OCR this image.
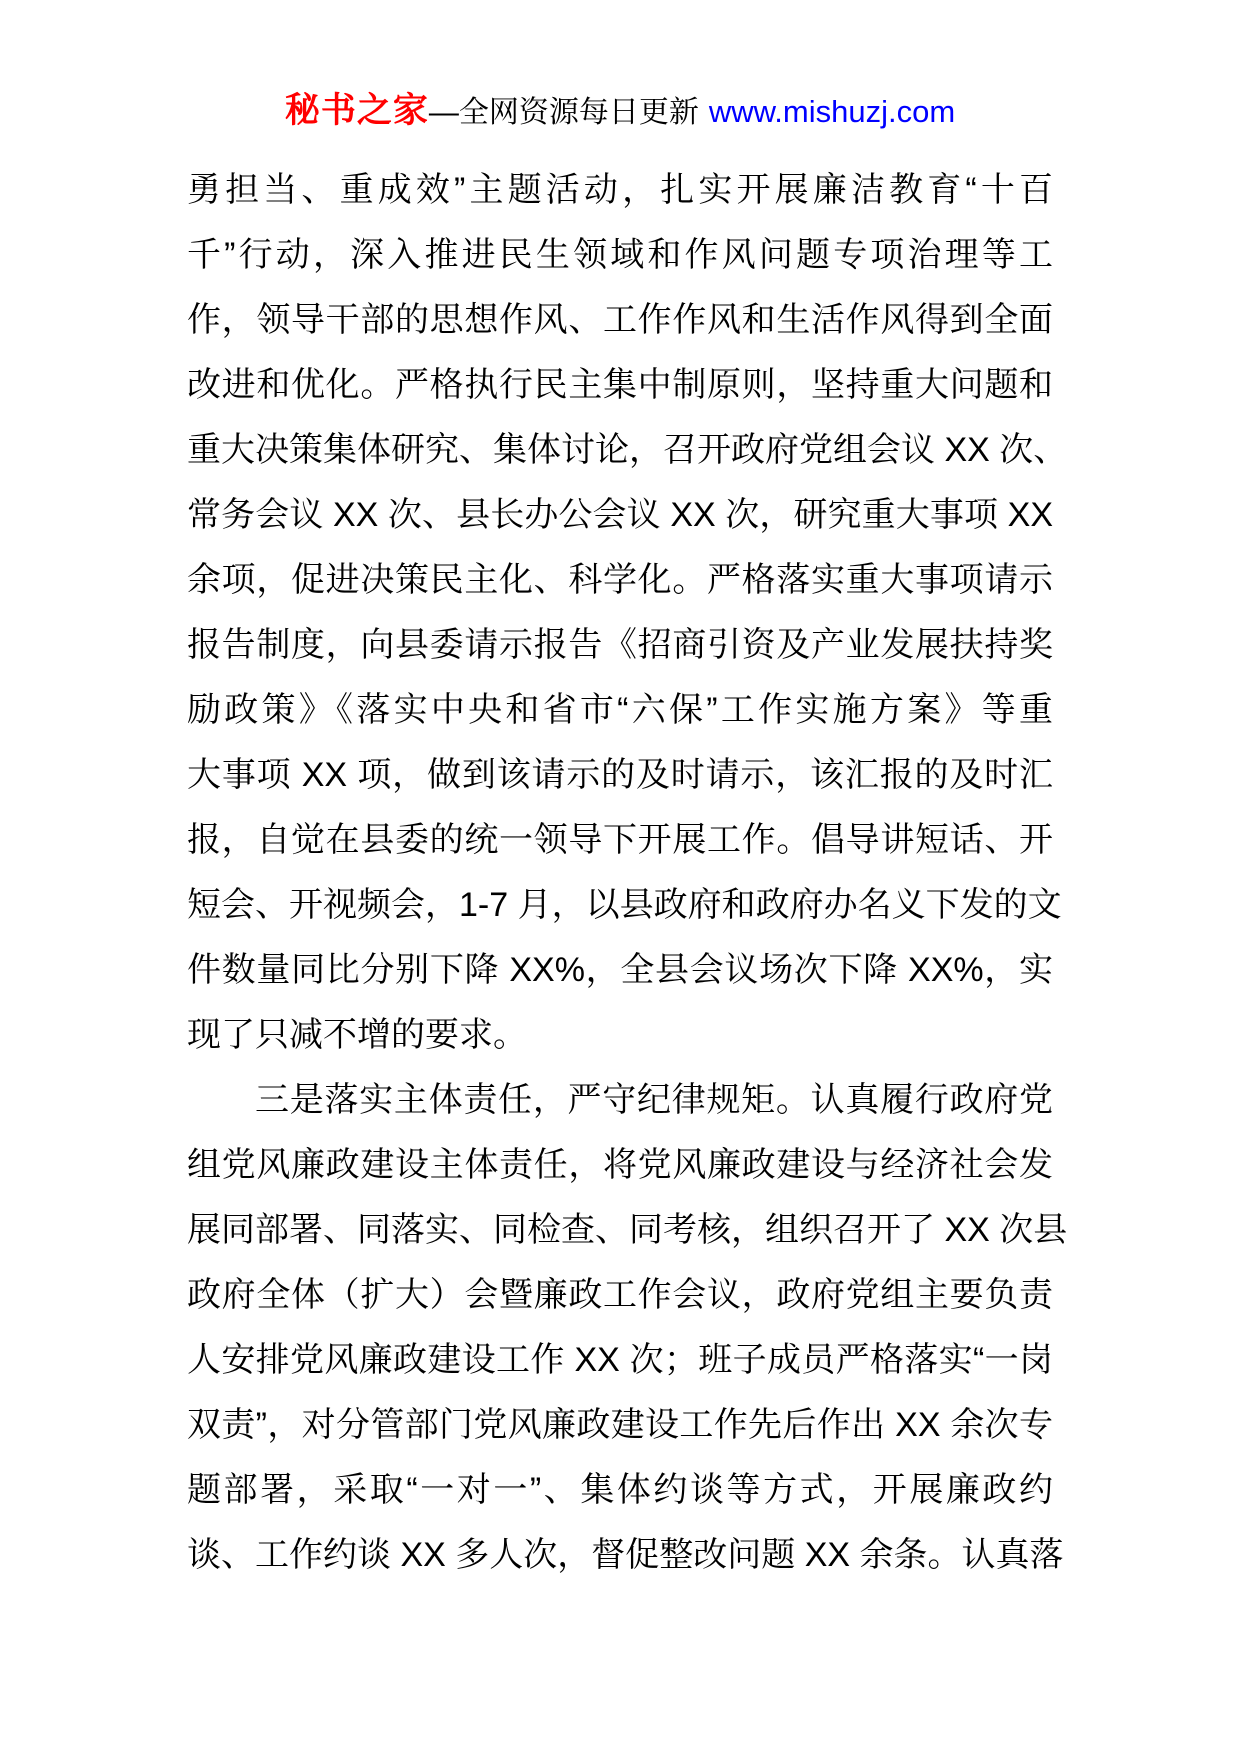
秘书之家—全网资源每日更新 www.mishuzj.com
勇担当、重成效”主题活动，扎实开展廉洁教育“十百
千”行动，深入推进民生领域和作风问题专项治理等工
作，领导干部的思想作风、工作作风和生活作风得到全面
改进和优化。严格执行民主集中制原则，坚持重大问题和
重大决策集体研究、集体讨论，召开政府党组会议 XX 次、
常务会议 XX 次、县长办公会议 XX 次，研究重大事项 XX
余项，促进决策民主化、科学化。严格落实重大事项请示
报告制度，向县委请示报告《招商引资及产业发展扶持奖
励政策》《落实中央和省市“六保”工作实施方案》等重
大事项 XX 项，做到该请示的及时请示，该汇报的及时汇
报，自觉在县委的统一领导下开展工作。倡导讲短话、开
短会、开视频会，1-7 月，以县政府和政府办名义下发的文
件数量同比分别下降 XX%，全县会议场次下降 XX%，实
现了只减不增的要求。
三是落实主体责任，严守纪律规矩。认真履行政府党
组党风廉政建设主体责任，将党风廉政建设与经济社会发
展同部署、同落实、同检查、同考核，组织召开了 XX 次县
政府全体（扩大）会暨廉政工作会议，政府党组主要负责
人安排党风廉政建设工作 XX 次；班子成员严格落实“一岗
双责”，对分管部门党风廉政建设工作先后作出 XX 余次专
题部署，采取“一对一”、集体约谈等方式，开展廉政约
谈、工作约谈 XX 多人次，督促整改问题 XX 余条。认真落
